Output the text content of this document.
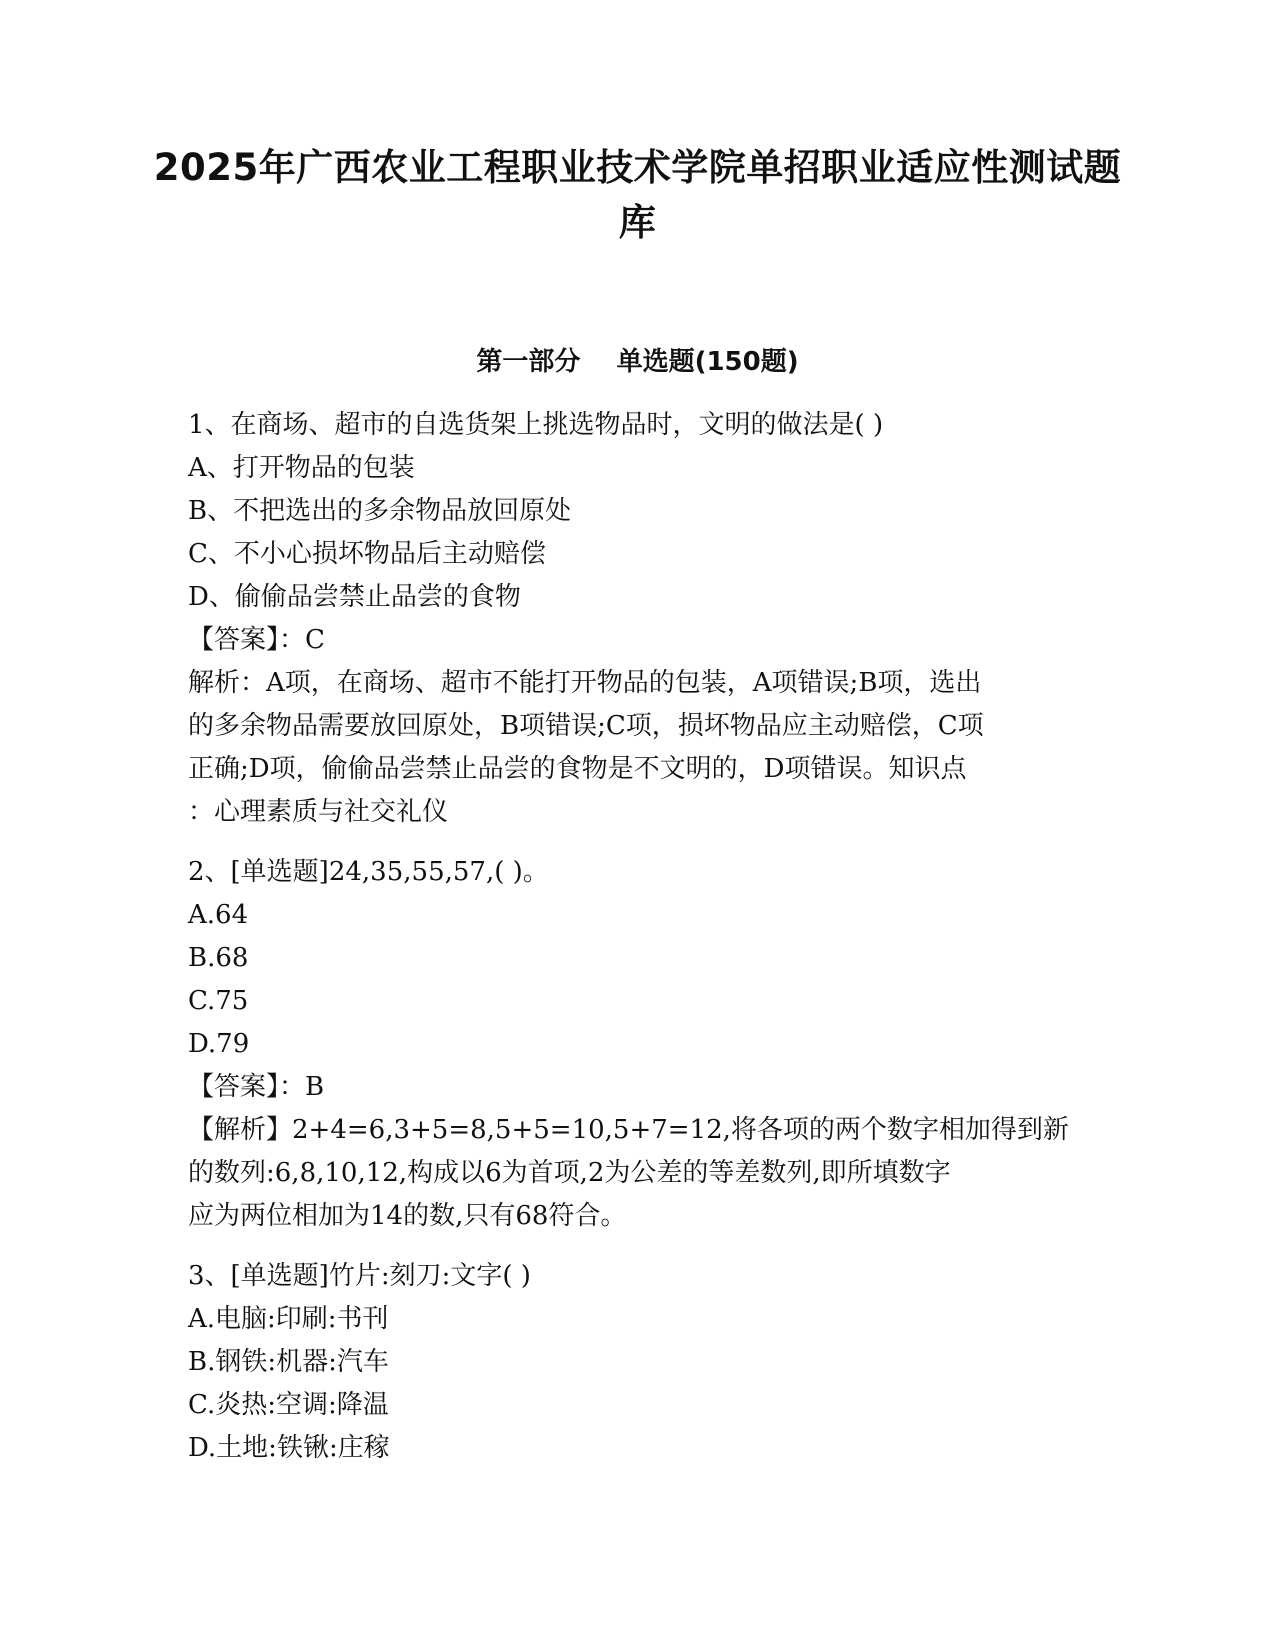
2025年广西农业工程职业技术学院单招职业适应性测试题库
第一部分    单选题(150题)
1、在商场、超市的自选货架上挑选物品时，文明的做法是( )
A、打开物品的包装
B、不把选出的多余物品放回原处
C、不小心损坏物品后主动赔偿
D、偷偷品尝禁止品尝的食物
【答案】：C
解析：A项，在商场、超市不能打开物品的包装，A项错误;B项，选出
的多余物品需要放回原处，B项错误;C项，损坏物品应主动赔偿，C项
正确;D项，偷偷品尝禁止品尝的食物是不文明的，D项错误。知识点
：心理素质与社交礼仪
2、[单选题]24,35,55,57,( )。
A.64
B.68
C.75
D.79
【答案】：B
【解析】2+4=6,3+5=8,5+5=10,5+7=12,将各项的两个数字相加得到新
的数列:6,8,10,12,构成以6为首项,2为公差的等差数列,即所填数字
应为两位相加为14的数,只有68符合。
3、[单选题]竹片:刻刀:文字( )
A.电脑:印刷:书刊
B.钢铁:机器:汽车
C.炎热:空调:降温
D.土地:铁锹:庄稼
